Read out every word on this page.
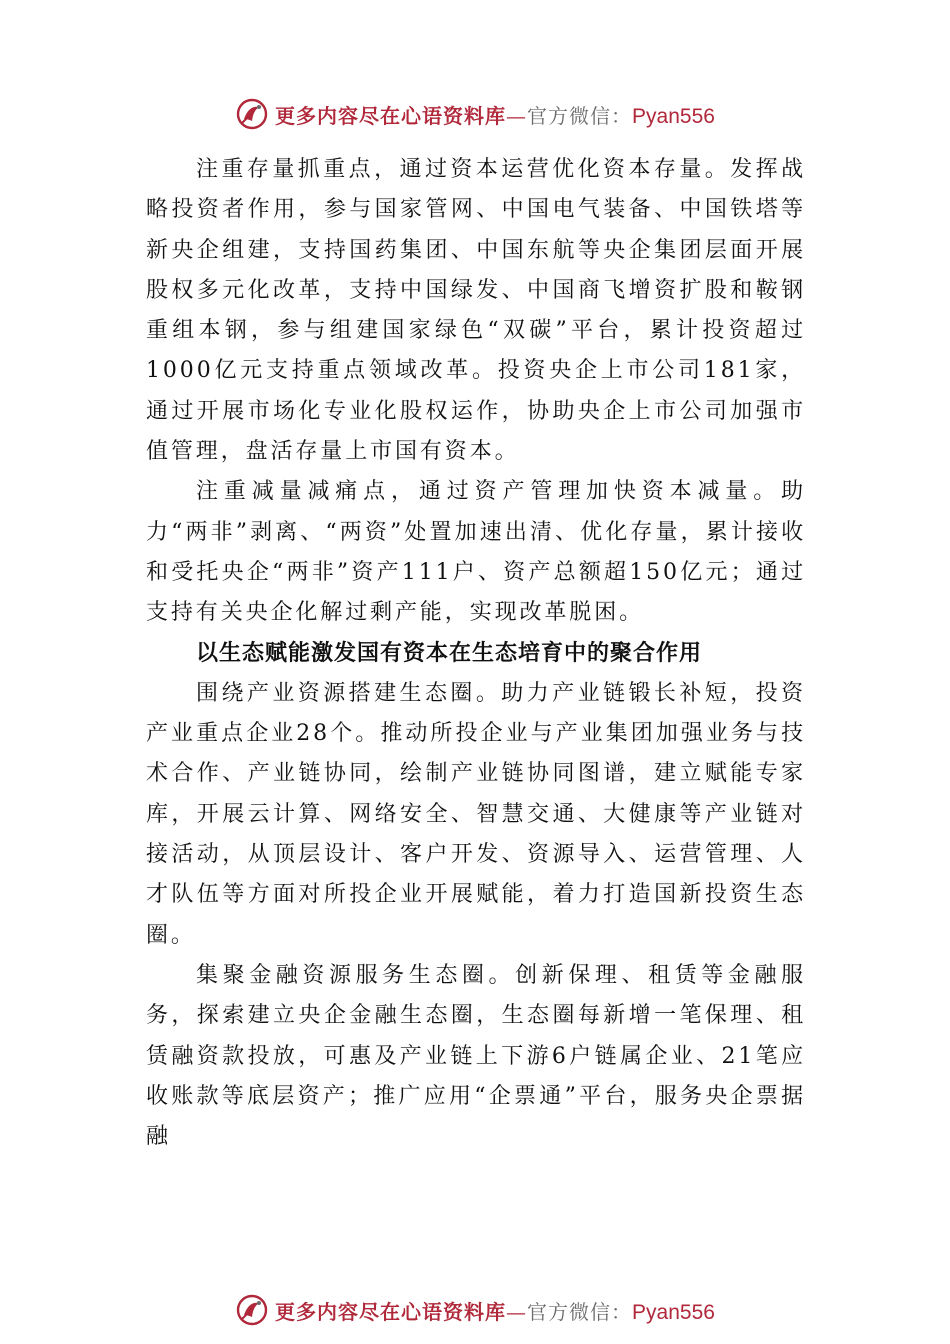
更多内容尽在心语资料库—官方微信：Pyan556

注重存量抓重点，通过资本运营优化资本存量。发挥战略投资者作用，参与国家管网、中国电气装备、中国铁塔等新央企组建，支持国药集团、中国东航等央企集团层面开展股权多元化改革，支持中国绿发、中国商飞增资扩股和鞍钢重组本钢，参与组建国家绿色“双碳”平台，累计投资超过1000亿元支持重点领域改革。投资央企上市公司181家，通过开展市场化专业化股权运作，协助央企上市公司加强市值管理，盘活存量上市国有资本。

注重减量减痛点，通过资产管理加快资本减量。助力“两非”剥离、“两资”处置加速出清、优化存量，累计接收和受托央企“两非”资产111户、资产总额超150亿元；通过支持有关央企化解过剩产能，实现改革脱困。

以生态赋能激发国有资本在生态培育中的聚合作用

围绕产业资源搭建生态圈。助力产业链锻长补短，投资产业重点企业28个。推动所投企业与产业集团加强业务与技术合作、产业链协同，绘制产业链协同图谱，建立赋能专家库，开展云计算、网络安全、智慧交通、大健康等产业链对接活动，从顶层设计、客户开发、资源导入、运营管理、人才队伍等方面对所投企业开展赋能，着力打造国新投资生态圈。

集聚金融资源服务生态圈。创新保理、租赁等金融服务，探索建立央企金融生态圈，生态圈每新增一笔保理、租赁融资款投放，可惠及产业链上下游6户链属企业、21笔应收账款等底层资产；推广应用“企票通”平台，服务央企票据融

更多内容尽在心语资料库—官方微信：Pyan556
